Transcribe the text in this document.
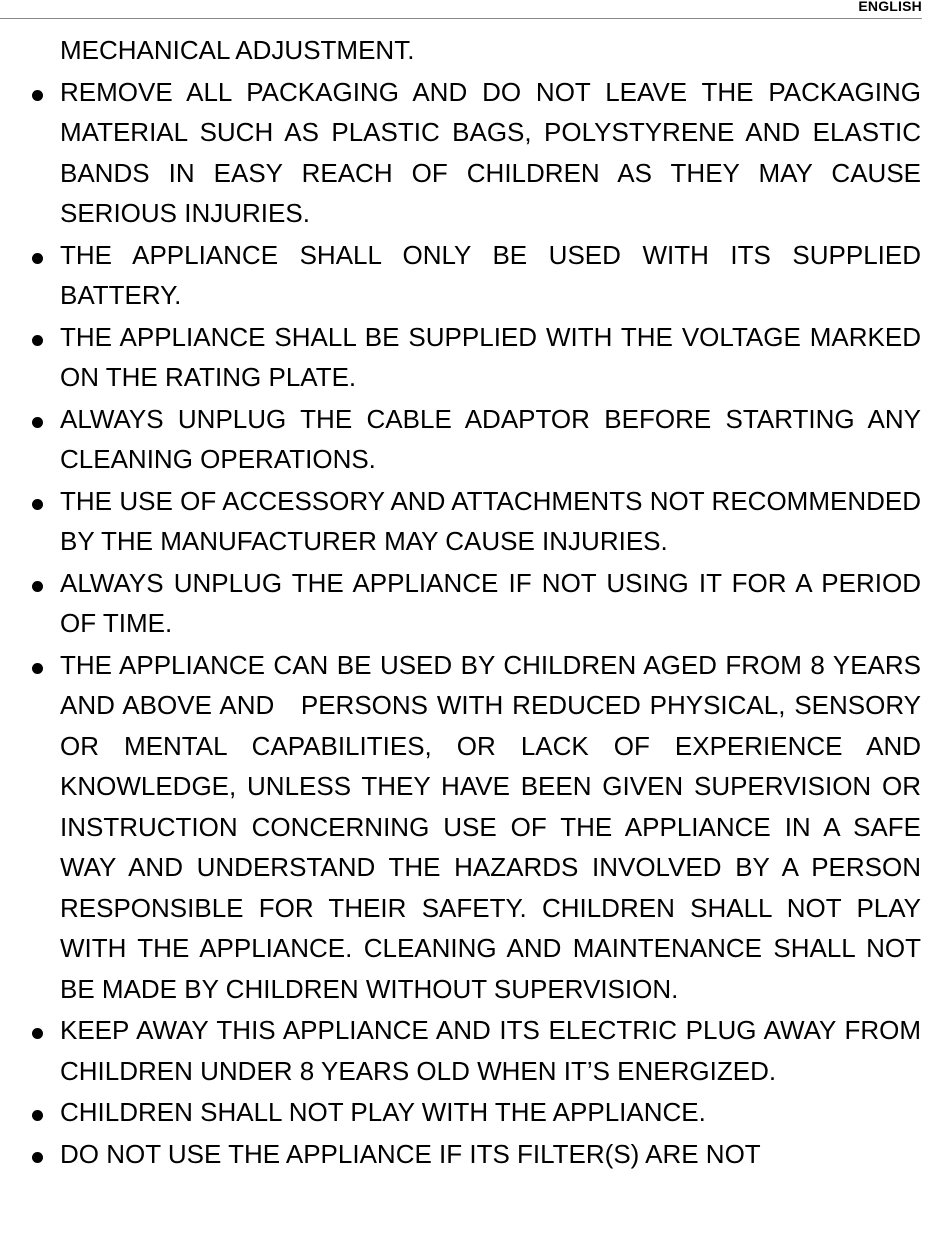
ENGLISH
MECHANICAL ADJUSTMENT.
REMOVE ALL PACKAGING AND DO NOT LEAVE THE PACKAGING MATERIAL SUCH AS PLASTIC BAGS, POLYSTYRENE AND ELASTIC BANDS IN EASY REACH OF CHILDREN AS THEY MAY CAUSE SERIOUS INJURIES.
THE APPLIANCE SHALL ONLY BE USED WITH ITS SUPPLIED BATTERY.
THE APPLIANCE SHALL BE SUPPLIED WITH THE VOLTAGE MARKED ON THE RATING PLATE.
ALWAYS UNPLUG THE CABLE ADAPTOR BEFORE STARTING ANY CLEANING OPERATIONS.
THE USE OF ACCESSORY AND ATTACHMENTS NOT RECOMMENDED BY THE MANUFACTURER MAY CAUSE INJURIES.
ALWAYS UNPLUG THE APPLIANCE IF NOT USING IT FOR A PERIOD OF TIME.
THE APPLIANCE CAN BE USED BY CHILDREN AGED FROM 8 YEARS AND ABOVE AND   PERSONS WITH REDUCED PHYSICAL, SENSORY OR MENTAL CAPABILITIES, OR LACK OF EXPERIENCE AND KNOWLEDGE, UNLESS THEY HAVE BEEN GIVEN SUPERVISION OR INSTRUCTION CONCERNING USE OF THE APPLIANCE IN A SAFE WAY AND UNDERSTAND THE HAZARDS INVOLVED BY A PERSON RESPONSIBLE FOR THEIR SAFETY. CHILDREN SHALL NOT PLAY WITH THE APPLIANCE. CLEANING AND MAINTENANCE SHALL NOT BE MADE BY CHILDREN WITHOUT SUPERVISION.
KEEP AWAY THIS APPLIANCE AND ITS ELECTRIC PLUG AWAY FROM CHILDREN UNDER 8 YEARS OLD WHEN IT’S ENERGIZED.
CHILDREN SHALL NOT PLAY WITH THE APPLIANCE.
DO NOT USE THE APPLIANCE IF ITS FILTER(S) ARE NOT
